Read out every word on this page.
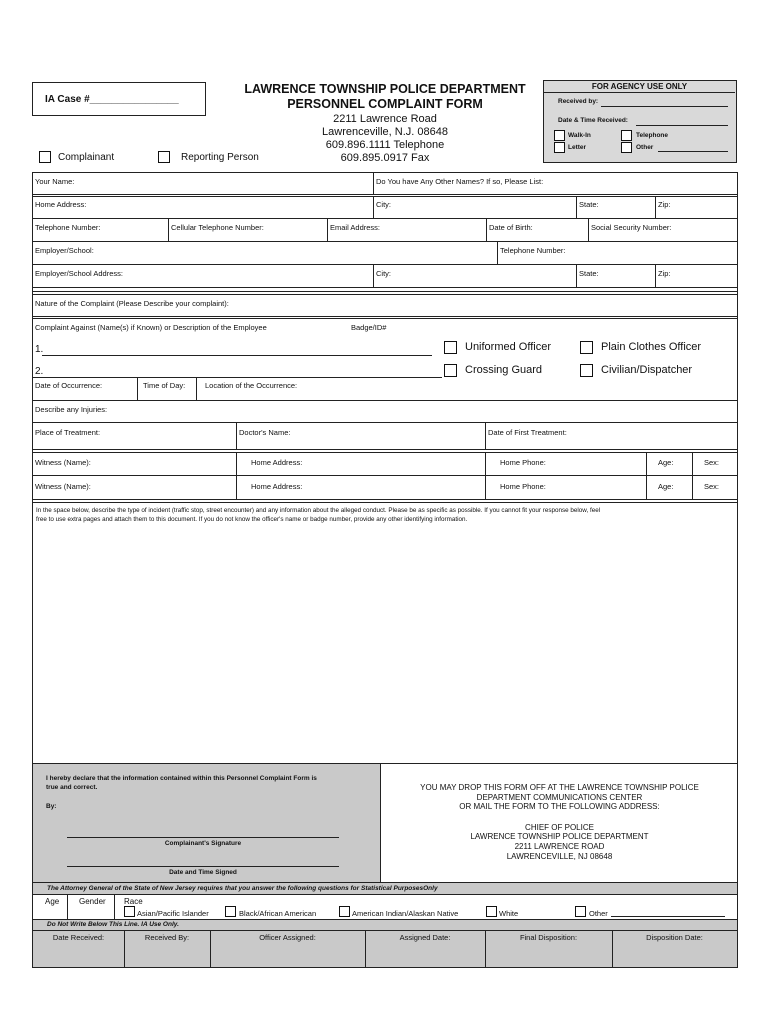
IA Case #________________
LAWRENCE TOWNSHIP POLICE DEPARTMENT
PERSONNEL COMPLAINT FORM
2211 Lawrence Road
Lawrenceville, N.J. 08648
609.896.1111 Telephone
609.895.0917 Fax
Complainant	Reporting Person
FOR AGENCY USE ONLY
Received by:
Date & Time Received:
Walk-In	Telephone
Letter	Other
Your Name:	Do You have Any Other Names? If so, Please List:
Home Address:	City:	State:	Zip:
Telephone Number:	Cellular Telephone Number:	Email Address:	Date of Birth:	Social Security Number:
Employer/School:	Telephone Number:
Employer/School Address:	City:	State:	Zip:
Nature of the Complaint (Please Describe your complaint):
Complaint Against (Name(s) if Known) or Description of the Employee	Badge/ID#
1.
2.
Uniformed Officer	Plain Clothes Officer
Crossing Guard	Civilian/Dispatcher
Date of Occurrence:	Time of Day:	Location of the Occurrence:
Describe any Injuries:
Place of Treatment:	Doctor's Name:	Date of First Treatment:
Witness (Name):	Home Address:	Home Phone:	Age:	Sex:
Witness (Name):	Home Address:	Home Phone:	Age:	Sex:
In the space below, describe the type of incident (traffic stop, street encounter) and any information about the alleged conduct. Please be as specific as possible. If you cannot fit your response below, feel
free to use extra pages and attach them to this document. If you do not know the officer's name or badge number, provide any other identifying information.
I hereby declare that the information contained within this Personnel Complaint Form is
true and correct.
By:
Complainant's Signature
Date and Time Signed
YOU MAY DROP THIS FORM OFF AT THE LAWRENCE TOWNSHIP POLICE
DEPARTMENT COMMUNICATIONS CENTER
OR MAIL THE FORM TO THE FOLLOWING ADDRESS:
CHIEF OF POLICE
LAWRENCE TOWNSHIP POLICE DEPARTMENT
2211 LAWRENCE ROAD
LAWRENCEVILLE, NJ 08648
The Attorney General of the State of New Jersey requires that you answer the following questions for Statistical PurposesOnly
Age Gender Race
Asian/Pacific Islander	Black/African American	American Indian/Alaskan Native	White	Other
Do Not Write Below This Line. IA Use Only.
Date Received:	Received By:	Officer Assigned:	Assigned Date:	Final Disposition:	Disposition Date:
